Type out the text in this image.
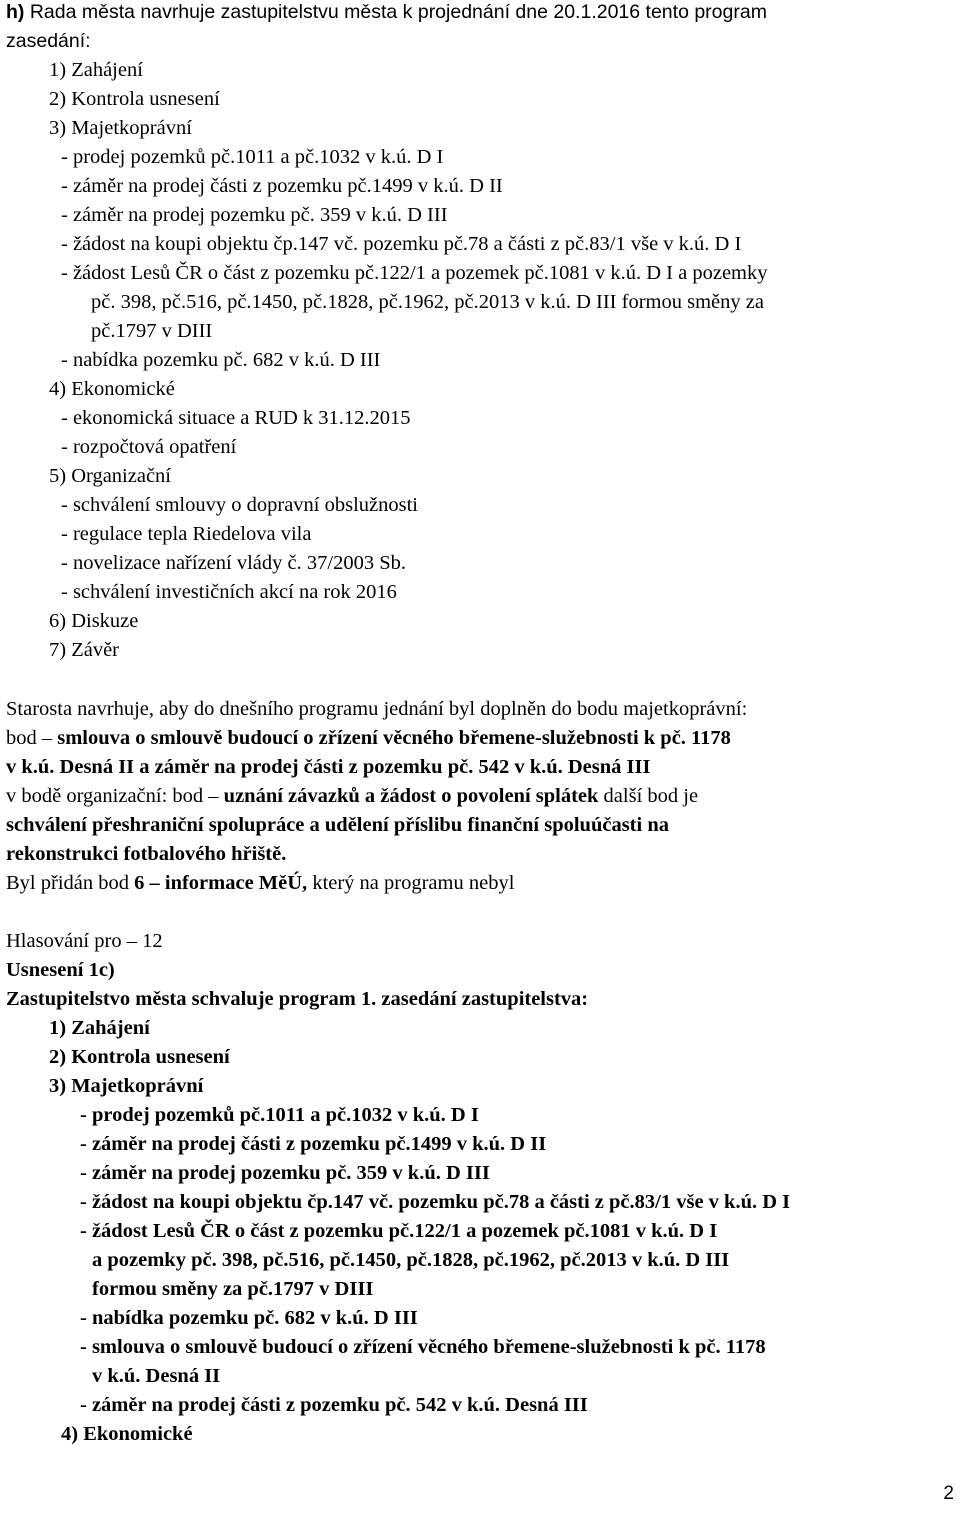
h) Rada města navrhuje zastupitelstvu města k projednání dne 20.1.2016 tento program
zasedání:
1) Zahájení
2) Kontrola usnesení
3) Majetkoprávní
- prodej pozemků pč.1011 a pč.1032 v k.ú. D I
- záměr na prodej části z pozemku pč.1499 v k.ú. D II
- záměr na prodej pozemku pč. 359 v k.ú. D III
- žádost na koupi objektu čp.147 vč. pozemku pč.78 a části z pč.83/1 vše v k.ú. D I
- žádost Lesů ČR o část z pozemku pč.122/1 a pozemek pč.1081 v k.ú. D I a pozemky
pč. 398, pč.516, pč.1450, pč.1828, pč.1962, pč.2013 v k.ú. D III formou směny za
pč.1797 v DIII
- nabídka pozemku pč. 682 v k.ú. D III
4) Ekonomické
- ekonomická situace a RUD k 31.12.2015
- rozpočtová opatření
5) Organizační
- schválení smlouvy o dopravní obslužnosti
- regulace tepla Riedelova vila
- novelizace nařízení vlády č. 37/2003 Sb.
- schválení investičních akcí na rok 2016
6) Diskuze
7) Závěr
Starosta navrhuje, aby do dnešního programu jednání byl doplněn do bodu majetkoprávní:
bod – smlouva o smlouvě budoucí o zřízení věcného břemene-služebnosti k pč. 1178
v k.ú. Desná II a záměr na prodej části z pozemku pč. 542 v k.ú. Desná III
v bodě organizační: bod – uznání závazků a žádost o povolení splátek další bod je
schválení přeshraniční spolupráce a udělení příslibu finanční spoluúčasti na
rekonstrukci fotbalového hřiště.
Byl přidán bod 6 – informace MěÚ, který na programu nebyl
Hlasování pro – 12
Usnesení 1c)
Zastupitelstvo města schvaluje program 1. zasedání zastupitelstva:
1) Zahájení
2) Kontrola usnesení
3) Majetkoprávní
- prodej pozemků pč.1011 a pč.1032 v k.ú. D I
- záměr na prodej části z pozemku pč.1499 v k.ú. D II
- záměr na prodej pozemku pč. 359 v k.ú. D III
- žádost na koupi objektu čp.147 vč. pozemku pč.78 a části z pč.83/1 vše v k.ú. D I
- žádost Lesů ČR o část z pozemku pč.122/1 a pozemek pč.1081 v k.ú. D I
a pozemky pč. 398, pč.516, pč.1450, pč.1828, pč.1962, pč.2013 v k.ú. D III
formou směny za pč.1797 v DIII
- nabídka pozemku pč. 682 v k.ú. D III
- smlouva o smlouvě budoucí o zřízení věcného břemene-služebnosti k pč. 1178
v k.ú. Desná II
- záměr na prodej části z pozemku pč. 542 v k.ú. Desná III
4) Ekonomické
2
